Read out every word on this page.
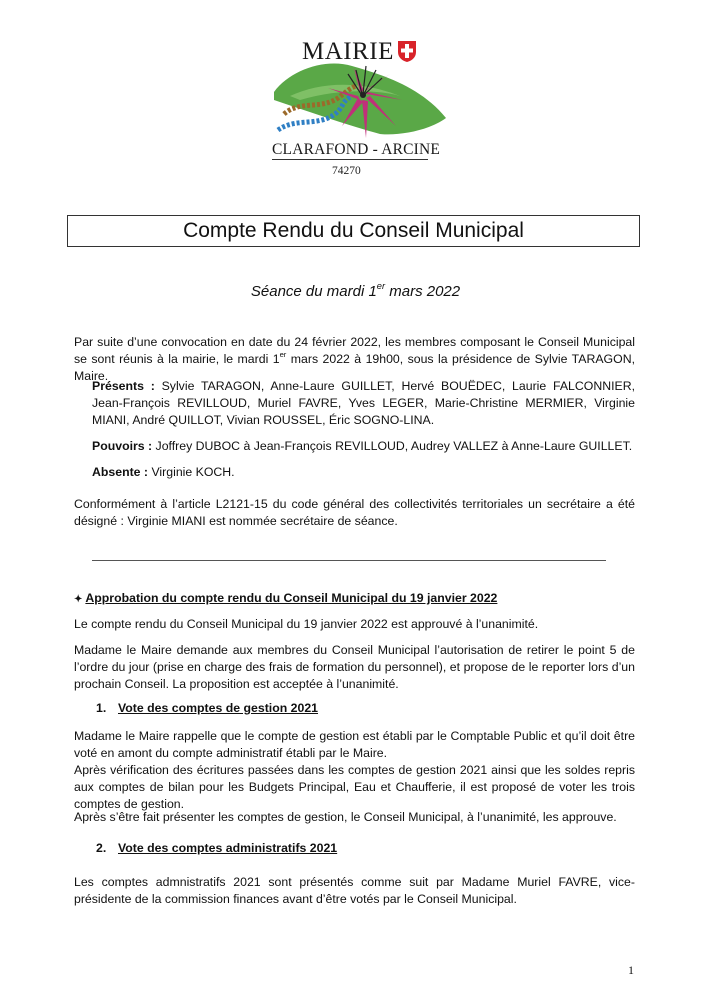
MAIRIE
CLARAFOND - ARCINE
74270
Compte Rendu du Conseil Municipal
Séance du mardi 1er mars 2022
Par suite d’une convocation en date du 24 février 2022, les membres composant le Conseil Municipal se sont réunis à la mairie, le mardi 1er mars 2022 à 19h00, sous la présidence de Sylvie TARAGON, Maire.
Présents : Sylvie TARAGON, Anne-Laure GUILLET, Hervé BOUËDEC, Laurie FALCONNIER, Jean-François REVILLOUD, Muriel FAVRE, Yves LEGER, Marie-Christine MERMIER, Virginie MIANI, André QUILLOT, Vivian ROUSSEL, Éric SOGNO-LINA.
Pouvoirs : Joffrey DUBOC à Jean-François REVILLOUD, Audrey VALLEZ à Anne-Laure GUILLET.
Absente : Virginie KOCH.
Conformément à l’article L2121-15 du code général des collectivités territoriales un secrétaire a été désigné : Virginie MIANI est nommée secrétaire de séance.
✦ Approbation du compte rendu du Conseil Municipal du 19 janvier 2022
Le compte rendu du Conseil Municipal du 19 janvier 2022 est approuvé à l’unanimité.
Madame le Maire demande aux membres du Conseil Municipal l’autorisation de retirer le point 5 de l’ordre du jour (prise en charge des frais de formation du personnel), et propose de le reporter lors d’un prochain Conseil. La proposition est acceptée à l’unanimité.
1. Vote des comptes de gestion 2021
Madame le Maire rappelle que le compte de gestion est établi par le Comptable Public et qu’il doit être voté en amont du compte administratif établi par le Maire.
Après vérification des écritures passées dans les comptes de gestion 2021 ainsi que les soldes repris aux comptes de bilan pour les Budgets Principal, Eau et Chaufferie, il est proposé de voter les trois comptes de gestion.
Après s’être fait présenter les comptes de gestion, le Conseil Municipal, à l’unanimité, les approuve.
2. Vote des comptes administratifs 2021
Les comptes admnistratifs 2021 sont présentés comme suit par Madame Muriel FAVRE, vice-présidente de la commission finances avant d’être votés par le Conseil Municipal.
1
